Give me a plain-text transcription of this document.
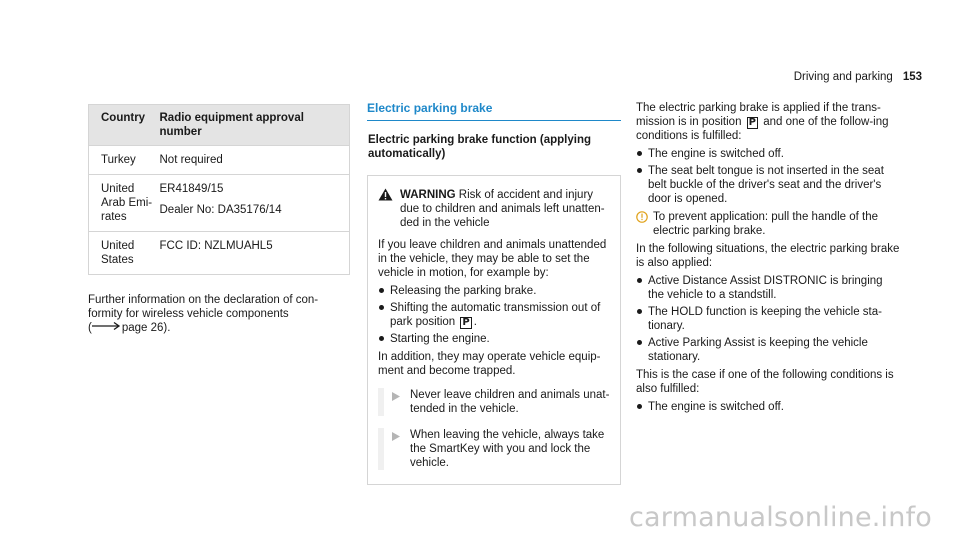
Driving and parking 153
Country	Radio equipment approval number
Turkey	Not required

United Arab Emi-rates	ER41849/15
Dealer No: DA35176/14

United States	FCC ID: NZLMUAHL5
Further information on the declaration of con-formity for wireless vehicle components
(	page 26).
Electric parking brake
Electric parking brake function (applying automatically)
WARNING Risk of accident and injury due to children and animals left unatten-ded in the vehicle
If you leave children and animals unattended in the vehicle, they may be able to set the vehicle in motion, for example by:
Releasing the parking brake.
Shifting the automatic transmission out of park position P .
Starting the engine.
In addition, they may operate vehicle equip-ment and become trapped.
Never leave children and animals unat-tended in the vehicle.
When leaving the vehicle, always take the SmartKey with you and lock the vehicle.
The electric parking brake is applied if the trans-mission is in position P and one of the follow-ing conditions is fulfilled:
The engine is switched off.
The seat belt tongue is not inserted in the seat belt buckle of the driver's seat and the driver's door is opened.
To prevent application: pull the handle of the electric parking brake.
In the following situations, the electric parking brake is also applied:
Active Distance Assist DISTRONIC is bringing the vehicle to a standstill.
The HOLD function is keeping the vehicle sta-tionary.
Active Parking Assist is keeping the vehicle stationary.
This is the case if one of the following conditions is also fulfilled:
The engine is switched off.
carmanualsonline.info
